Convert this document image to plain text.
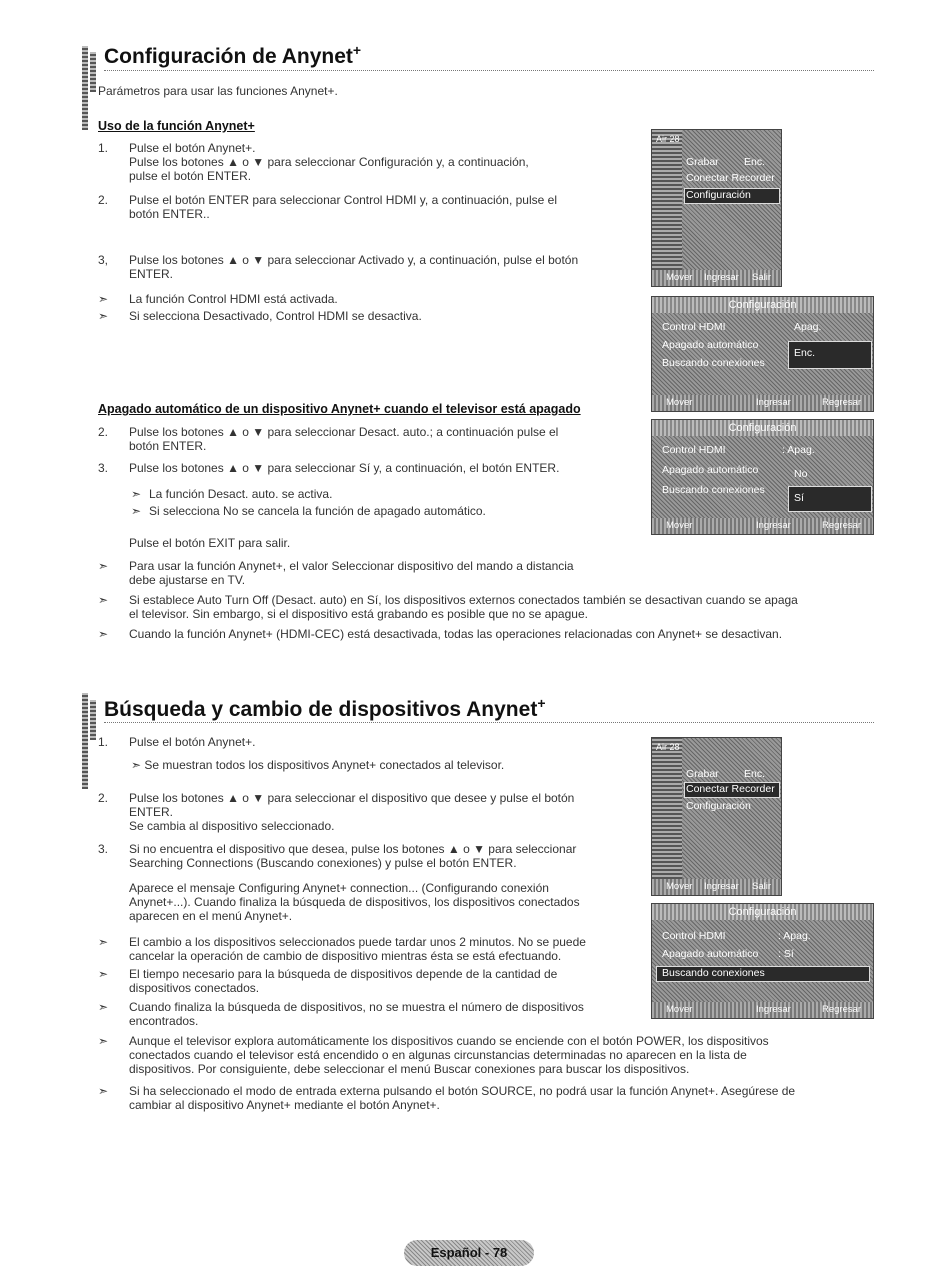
Configuración de Anynet+
Parámetros para usar las funciones Anynet+.
Uso de la función Anynet+
1. Pulse el botón Anynet+.

Pulse los botones ▲ o ▼ para seleccionar Configuración y, a continuación,

pulse el botón ENTER.

2. Pulse el botón ENTER para seleccionar Control HDMI y, a continuación, pulse el

botón ENTER..

3, Pulse los botones ▲ o ▼ para seleccionar Activado y, a continuación, pulse el botón

ENTER.

➣ La función Control HDMI está activada.
➣ Si selecciona Desactivado, Control HDMI se desactiva.
Apagado automático de un dispositivo Anynet+ cuando el televisor está apagado
2. Pulse los botones ▲ o ▼ para seleccionar Desact. auto.; a continuación pulse el

botón ENTER.

3. Pulse los botones ▲ o ▼ para seleccionar Sí y, a continuación, el botón ENTER.

➣ La función Desact. auto. se activa.
➣ Si selecciona No se cancela la función de apagado automático.
Pulse el botón EXIT para salir.
➣ Para usar la función Anynet+, el valor Seleccionar dispositivo del mando a distancia

debe ajustarse en TV.

➣ Si establece Auto Turn Off (Desact. auto) en Sí, los dispositivos externos conectados también se desactivan cuando se apaga

el televisor. Sin embargo, si el dispositivo está grabando es posible que no se apague.

➣ Cuando la función Anynet+ (HDMI-CEC) está desactivada, todas las operaciones relacionadas con Anynet+ se desactivan.

Air 28
Grabar Enc.
Conectar Recorder
Configuración
Mover Ingresar Salir
Configuración
Control HDMI
Apagado automático
Buscando conexiones
Apag.
Enc.
Mover	Ingresar	Regresar
Configuración
Control HDMI
Apagado automático
Buscando conexiones
: Apag.
No
Sí
Mover	Ingresar	Regresar
Búsqueda y cambio de dispositivos Anynet+
1. Pulse el botón Anynet+.

➣ Se muestran todos los dispositivos Anynet+ conectados al televisor.
2. Pulse los botones ▲ o ▼ para seleccionar el dispositivo que desee y pulse el botón

ENTER.

Se cambia al dispositivo seleccionado.

3. Si no encuentra el dispositivo que desea, pulse los botones ▲ o ▼ para seleccionar

Searching Connections (Buscando conexiones) y pulse el botón ENTER.

Aparece el mensaje Configuring Anynet+ connection... (Configurando conexión

Anynet+...). Cuando finaliza la búsqueda de dispositivos, los dispositivos conectados

aparecen en el menú Anynet+.

➣ El cambio a los dispositivos seleccionados puede tardar unos 2 minutos. No se puede

cancelar la operación de cambio de dispositivo mientras ésta se está efectuando.

➣ El tiempo necesario para la búsqueda de dispositivos depende de la cantidad de

dispositivos conectados.

➣ Cuando finaliza la búsqueda de dispositivos, no se muestra el número de dispositivos

encontrados.

➣ Aunque el televisor explora automáticamente los dispositivos cuando se enciende con el botón POWER, los dispositivos

conectados cuando el televisor está encendido o en algunas circunstancias determinadas no aparecen en la lista de

dispositivos. Por consiguiente, debe seleccionar el menú Buscar conexiones para buscar los dispositivos.

➣ Si ha seleccionado el modo de entrada externa pulsando el botón SOURCE, no podrá usar la función Anynet+. Asegúrese de

cambiar al dispositivo Anynet+ mediante el botón Anynet+.

Air 28
Grabar Enc.
Conectar Recorder
Configuración
Mover Ingresar Salir
Configuración
Control HDMI
Apagado automático
Buscando conexiones
: Apag.
: Sí
Mover	Ingresar	Regresar
Español - 78
